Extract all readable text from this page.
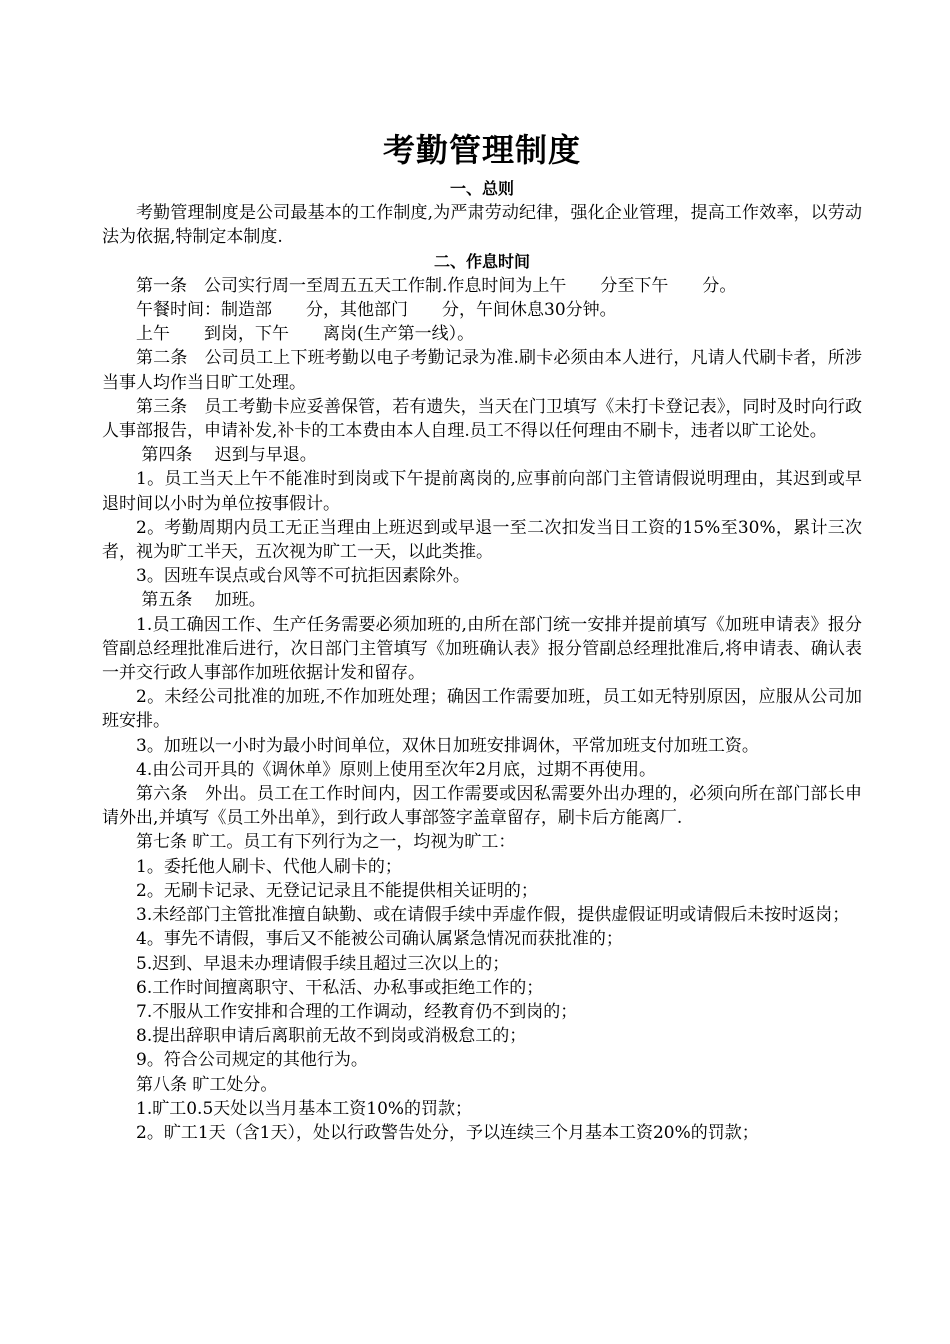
考勤管理制度
一、总则

考勤管理制度是公司最基本的工作制度,为严肃劳动纪律，强化企业管理，提高工作效率，以劳动法为依据,特制定本制度.

二、作息时间

第一条　公司实行周一至周五五天工作制.作息时间为上午　　分至下午　　分。

午餐时间：制造部　　分，其他部门　　分，午间休息30分钟。

上午　　到岗，下午　　离岗(生产第一线）。

第二条　公司员工上下班考勤以电子考勤记录为准.刷卡必须由本人进行，凡请人代刷卡者，所涉当事人均作当日旷工处理。

第三条　员工考勤卡应妥善保管，若有遗失，当天在门卫填写《未打卡登记表》，同时及时向行政人事部报告，申请补发,补卡的工本费由本人自理.员工不得以任何理由不刷卡，违者以旷工论处。

第四条　 迟到与早退。

1。员工当天上午不能准时到岗或下午提前离岗的,应事前向部门主管请假说明理由，其迟到或早退时间以小时为单位按事假计。

2。考勤周期内员工无正当理由上班迟到或早退一至二次扣发当日工资的15%至30%，累计三次者，视为旷工半天，五次视为旷工一天，以此类推。

3。因班车误点或台风等不可抗拒因素除外。

第五条　 加班。

1.员工确因工作、生产任务需要必须加班的,由所在部门统一安排并提前填写《加班申请表》报分管副总经理批准后进行，次日部门主管填写《加班确认表》报分管副总经理批准后,将申请表、确认表一并交行政人事部作加班依据计发和留存。

2。未经公司批准的加班,不作加班处理；确因工作需要加班，员工如无特别原因，应服从公司加班安排。

3。加班以一小时为最小时间单位，双休日加班安排调休，平常加班支付加班工资。

4.由公司开具的《调休单》原则上使用至次年2月底，过期不再使用。

第六条　外出。员工在工作时间内，因工作需要或因私需要外出办理的，必须向所在部门部长申请外出,并填写《员工外出单》，到行政人事部签字盖章留存，刷卡后方能离厂.

第七条 旷工。员工有下列行为之一，均视为旷工：

1。委托他人刷卡、代他人刷卡的；

2。无刷卡记录、无登记记录且不能提供相关证明的；

3.未经部门主管批准擅自缺勤、或在请假手续中弄虚作假，提供虚假证明或请假后未按时返岗；

4。事先不请假，事后又不能被公司确认属紧急情况而获批准的；

5.迟到、早退未办理请假手续且超过三次以上的；

6.工作时间擅离职守、干私活、办私事或拒绝工作的；

7.不服从工作安排和合理的工作调动，经教育仍不到岗的；

8.提出辞职申请后离职前无故不到岗或消极怠工的；

9。符合公司规定的其他行为。

第八条 旷工处分。

1.旷工0.5天处以当月基本工资10%的罚款；

2。旷工1天（含1天），处以行政警告处分，予以连续三个月基本工资20%的罚款；
